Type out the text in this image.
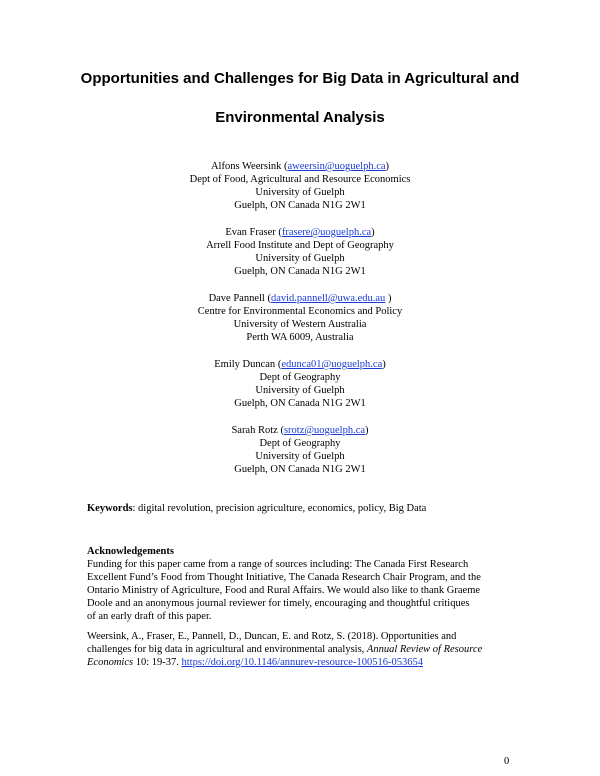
Opportunities and Challenges for Big Data in Agricultural and
Environmental Analysis
Alfons Weersink (aweersin@uoguelph.ca)
Dept of Food, Agricultural and Resource Economics
University of Guelph
Guelph, ON Canada N1G 2W1
Evan Fraser (frasere@uoguelph.ca)
Arrell Food Institute and Dept of Geography
University of Guelph
Guelph, ON Canada N1G 2W1
Dave Pannell (david.pannell@uwa.edu.au )
Centre for Environmental Economics and Policy
University of Western Australia
Perth WA 6009, Australia
Emily Duncan (edunca01@uoguelph.ca)
Dept of Geography
University of Guelph
Guelph, ON Canada N1G 2W1
Sarah Rotz (srotz@uoguelph.ca)
Dept of Geography
University of Guelph
Guelph, ON Canada N1G 2W1
Keywords: digital revolution, precision agriculture, economics, policy, Big Data
Acknowledgements
Funding for this paper came from a range of sources including: The Canada First Research
Excellent Fund’s Food from Thought Initiative, The Canada Research Chair Program, and the
Ontario Ministry of Agriculture, Food and Rural Affairs. We would also like to thank Graeme
Doole and an anonymous journal reviewer for timely, encouraging and thoughtful critiques
of an early draft of this paper.
Weersink, A., Fraser, E., Pannell, D., Duncan, E. and Rotz, S. (2018). Opportunities and
challenges for big data in agricultural and environmental analysis, Annual Review of Resource
Economics 10: 19-37. https://doi.org/10.1146/annurev-resource-100516-053654
0
